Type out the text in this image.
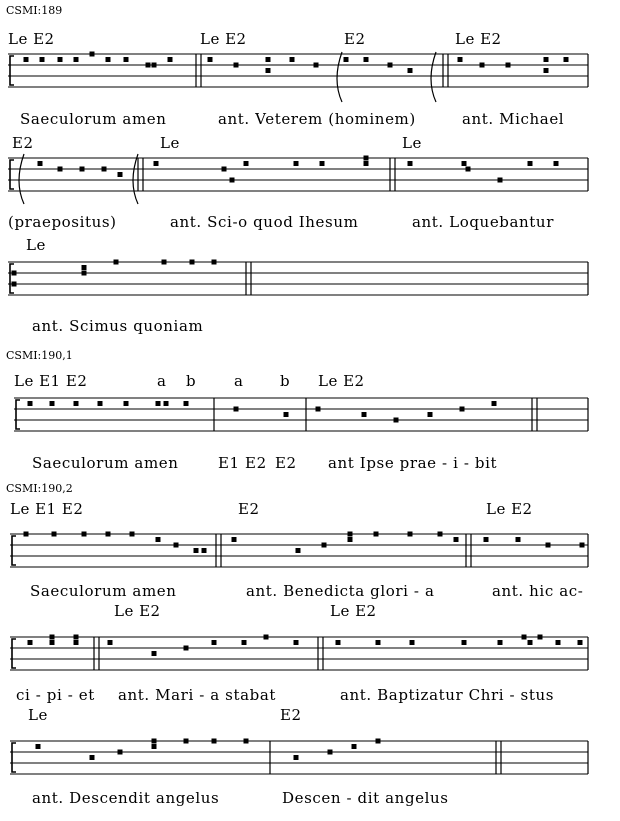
CSMI:189
Le E2	Le E2	E2	Le E2
Saeculorum amen	ant. Veterem (hominem)	ant. Michael
E2	Le	Le
(praepositus)	ant. Sci-o quod Ihesum	ant. Loquebantur
Le
ant. Scimus quoniam
CSMI:190,1
Le E1 E2	a b	a b Le E2
Saeculorum amen	E1 E2 E2 ant Ipse prae - i - bit
CSMI:190,2
Le E1 E2	E2	Le E2
Saeculorum amen	ant. Benedicta glori - a	ant. hic ac-
Le E2	Le E2
ci - pi - et ant. Mari - a stabat	ant. Baptizatur Chri - stus
Le	E2
ant. Descendit angelus	Descen - dit angelus
